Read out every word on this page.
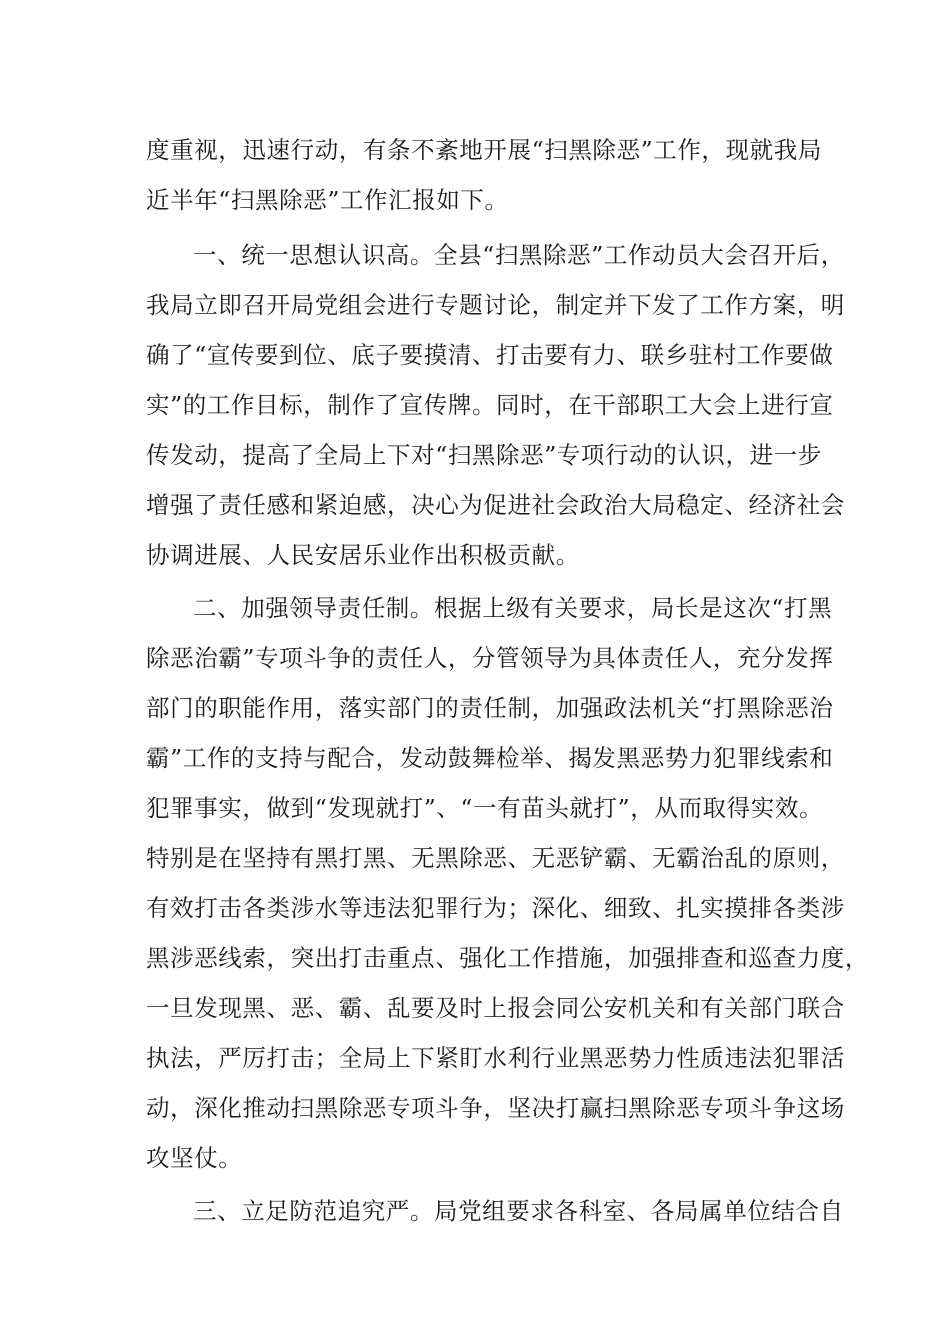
度重视，迅速行动，有条不紊地开展“扫黑除恶”工作，现就我局
近半年“扫黑除恶”工作汇报如下。
一、统一思想认识高。全县“扫黑除恶”工作动员大会召开后，
我局立即召开局党组会进行专题讨论，制定并下发了工作方案，明
确了“宣传要到位、底子要摸清、打击要有力、联乡驻村工作要做
实”的工作目标，制作了宣传牌。同时，在干部职工大会上进行宣
传发动，提高了全局上下对“扫黑除恶”专项行动的认识，进一步
增强了责任感和紧迫感，决心为促进社会政治大局稳定、经济社会
协调进展、人民安居乐业作出积极贡献。
二、加强领导责任制。根据上级有关要求，局长是这次“打黑
除恶治霸”专项斗争的责任人，分管领导为具体责任人，充分发挥
部门的职能作用，落实部门的责任制，加强政法机关“打黑除恶治
霸”工作的支持与配合，发动鼓舞检举、揭发黑恶势力犯罪线索和
犯罪事实，做到“发现就打”、“一有苗头就打”，从而取得实效。
特别是在坚持有黑打黑、无黑除恶、无恶铲霸、无霸治乱的原则，
有效打击各类涉水等违法犯罪行为；深化、细致、扎实摸排各类涉
黑涉恶线索，突出打击重点、强化工作措施，加强排查和巡查力度，
一旦发现黑、恶、霸、乱要及时上报会同公安机关和有关部门联合
执法，严厉打击；全局上下紧盯水利行业黑恶势力性质违法犯罪活
动，深化推动扫黑除恶专项斗争，坚决打赢扫黑除恶专项斗争这场
攻坚仗。
三、立足防范追究严。局党组要求各科室、各局属单位结合自
